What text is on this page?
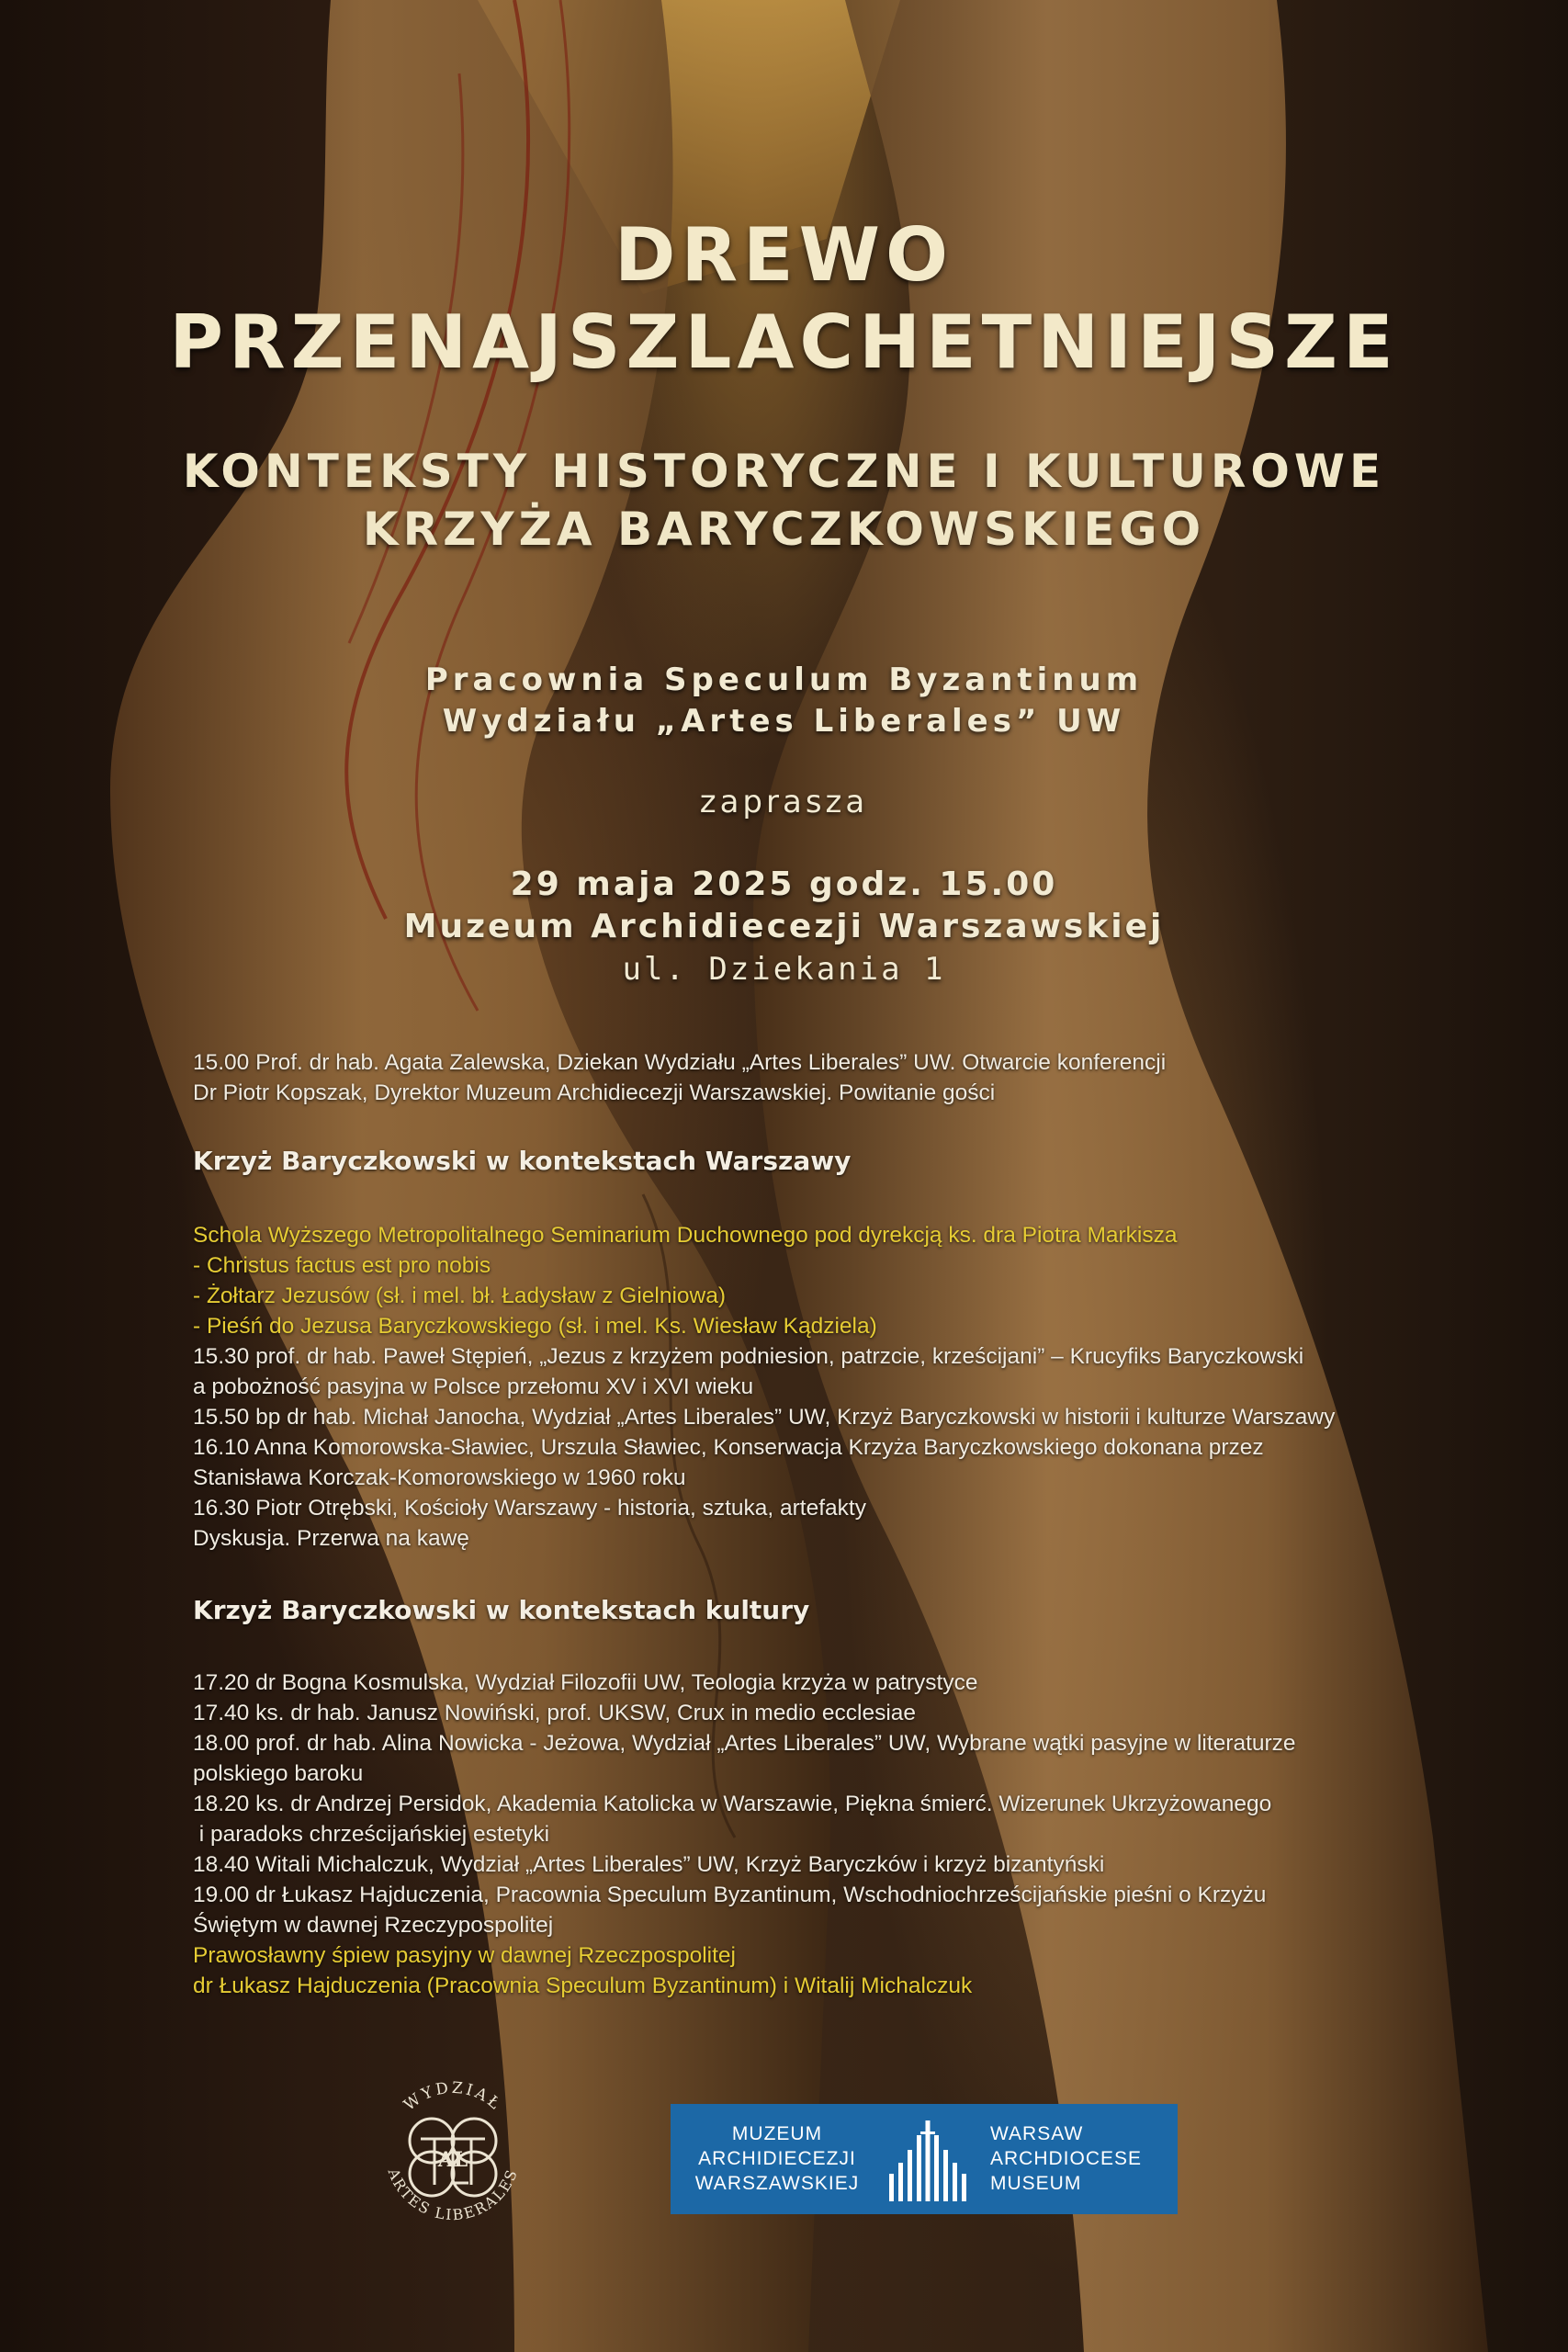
DREWO
PRZENAJSZLACHETNIEJSZE
KONTEKSTY HISTORYCZNE I KULTUROWE
KRZYŻA BARYCZKOWSKIEGO
Pracownia Speculum Byzantinum
Wydziału „Artes Liberales” UW
zaprasza
29 maja 2025 godz. 15.00
Muzeum Archidiecezji Warszawskiej
ul. Dziekania 1
15.00 Prof. dr hab. Agata Zalewska, Dziekan Wydziału „Artes Liberales” UW. Otwarcie konferencji
Dr Piotr Kopszak, Dyrektor Muzeum Archidiecezji Warszawskiej. Powitanie gości
Krzyż Baryczkowski w kontekstach Warszawy
Schola Wyższego Metropolitalnego Seminarium Duchownego pod dyrekcją ks. dra Piotra Markisza
- Christus factus est pro nobis
- Żołtarz Jezusów (sł. i mel. bł. Ładysław z Gielniowa)
- Pieśń do Jezusa Baryczkowskiego (sł. i mel. Ks. Wiesław Kądziela)
15.30 prof. dr hab. Paweł Stępień, „Jezus z krzyżem podniesion, patrzcie, krześcijani” – Krucyfiks Baryczkowski
a pobożność pasyjna w Polsce przełomu XV i XVI wieku
15.50 bp dr hab. Michał Janocha, Wydział „Artes Liberales” UW, Krzyż Baryczkowski w historii i kulturze Warszawy
16.10 Anna Komorowska-Sławiec, Urszula Sławiec, Konserwacja Krzyża Baryczkowskiego dokonana przez
Stanisława Korczak-Komorowskiego w 1960 roku
16.30 Piotr Otrębski, Kościoły Warszawy - historia, sztuka, artefakty
Dyskusja. Przerwa na kawę
Krzyż Baryczkowski w kontekstach kultury
17.20 dr Bogna Kosmulska, Wydział Filozofii UW, Teologia krzyża w patrystyce
17.40 ks. dr hab. Janusz Nowiński, prof. UKSW, Crux in medio ecclesiae
18.00 prof. dr hab. Alina Nowicka - Jeżowa, Wydział „Artes Liberales” UW, Wybrane wątki pasyjne w literaturze
polskiego baroku
18.20 ks. dr Andrzej Persidok, Akademia Katolicka w Warszawie, Piękna śmierć. Wizerunek Ukrzyżowanego
i paradoks chrześcijańskiej estetyki
18.40 Witali Michalczuk, Wydział „Artes Liberales” UW, Krzyż Baryczków i krzyż bizantyński
19.00 dr Łukasz Hajduczenia, Pracownia Speculum Byzantinum, Wschodniochrześcijańskie pieśni o Krzyżu
Świętym w dawnej Rzeczypospolitej
Prawosławny śpiew pasyjny w dawnej Rzeczpospolitej
dr Łukasz Hajduczenia (Pracownia Speculum Byzantinum) i Witalij Michalczuk
WYDZIAŁ
ARTES LIBERALES
AL
MUZEUM
ARCHIDIECEZJI
WARSZAWSKIEJ
WARSAW
ARCHDIOCESE
MUSEUM
